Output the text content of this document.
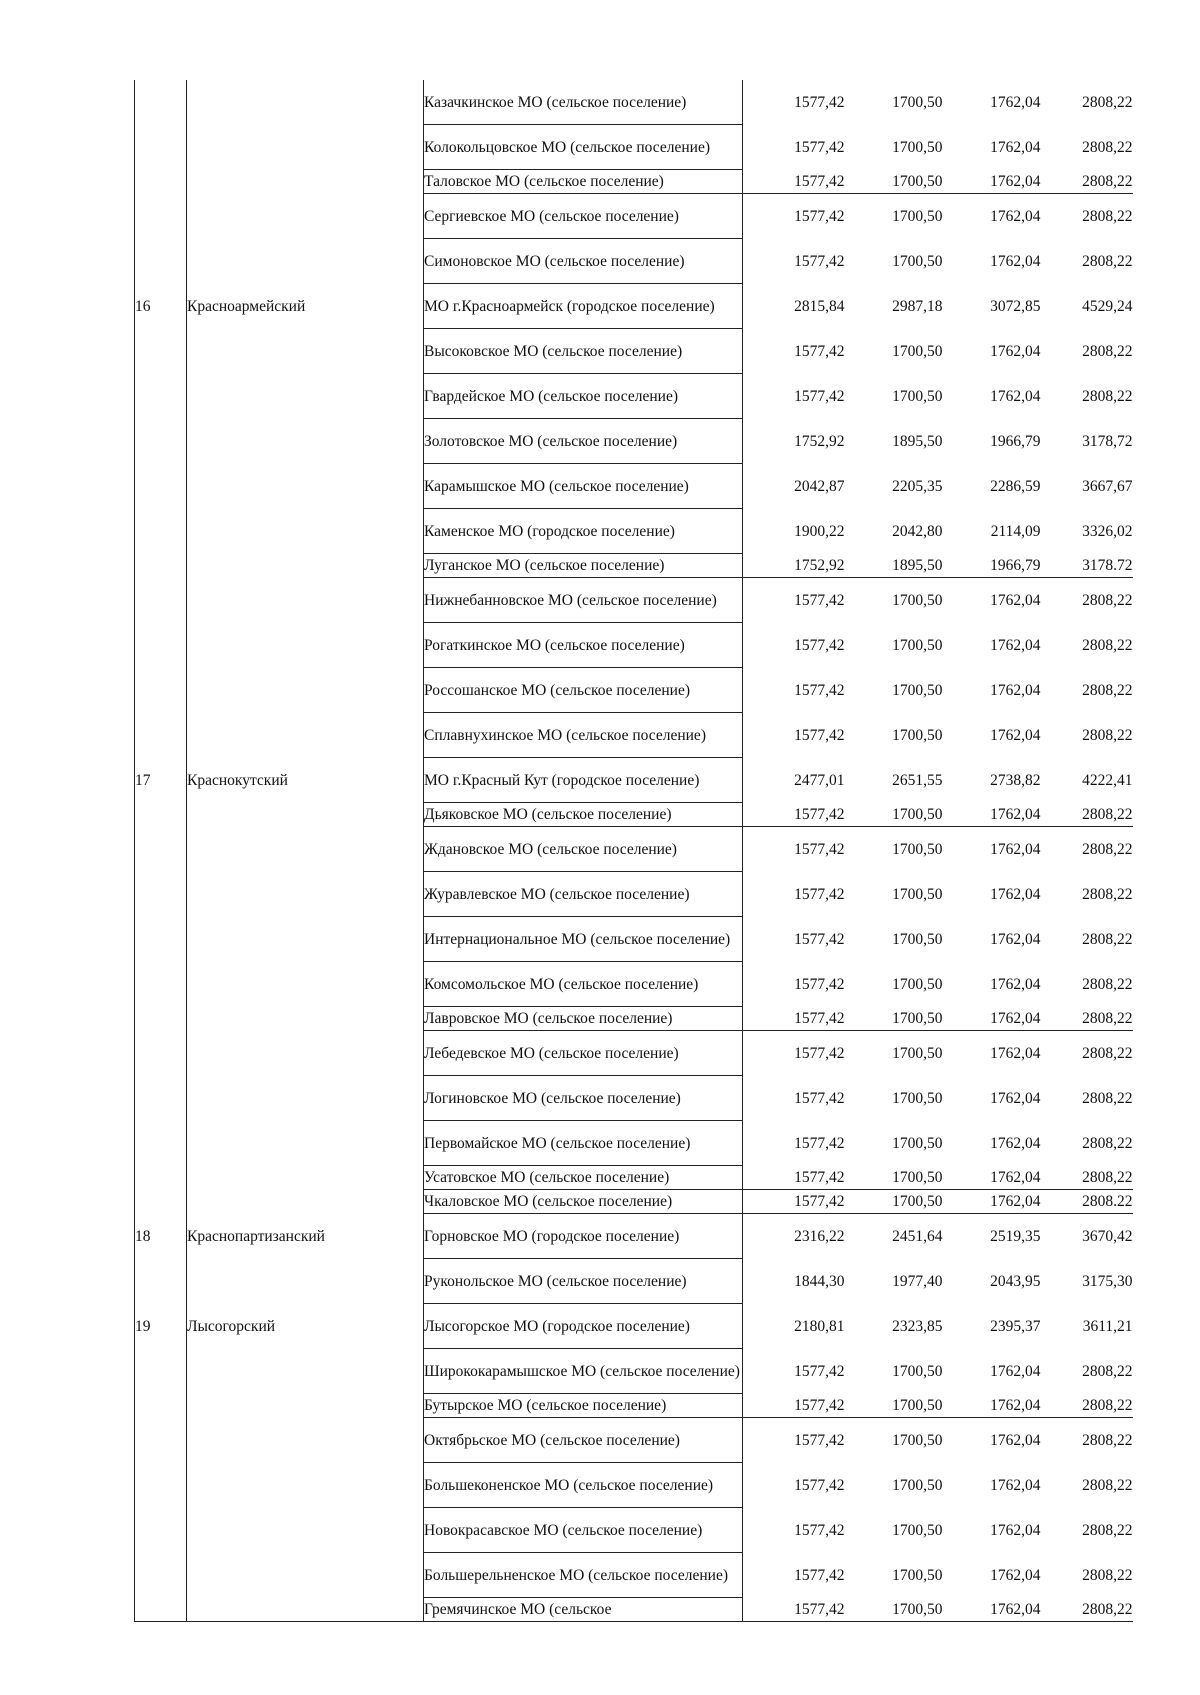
		Казачкинское МО (сельское поселение)	1577,42	1700,50	1762,04	2808,22
		Колокольцовское МО (сельское поселение)	1577,42	1700,50	1762,04	2808,22
		Таловское МО (сельское поселение)	1577,42	1700,50	1762,04	2808,22
		Сергиевское МО (сельское поселение)	1577,42	1700,50	1762,04	2808,22
		Симоновское МО (сельское поселение)	1577,42	1700,50	1762,04	2808,22
16	Красноармейский	МО г.Красноармейск (городское поселение)	2815,84	2987,18	3072,85	4529,24
		Высоковское МО (сельское поселение)	1577,42	1700,50	1762,04	2808,22
		Гвардейское МО (сельское поселение)	1577,42	1700,50	1762,04	2808,22
		Золотовское МО (сельское поселение)	1752,92	1895,50	1966,79	3178,72
		Карамышское МО (сельское поселение)	2042,87	2205,35	2286,59	3667,67
		Каменское МО (городское поселение)	1900,22	2042,80	2114,09	3326,02
		Луганское МО (сельское поселение)	1752,92	1895,50	1966,79	3178.72
		Нижнебанновское МО (сельское поселение)	1577,42	1700,50	1762,04	2808,22
		Рогаткинское МО (сельское поселение)	1577,42	1700,50	1762,04	2808,22
		Россошанское МО (сельское поселение)	1577,42	1700,50	1762,04	2808,22
		Сплавнухинское МО (сельское поселение)	1577,42	1700,50	1762,04	2808,22
17	Краснокутский	МО г.Красный Кут (городское поселение)	2477,01	2651,55	2738,82	4222,41
		Дьяковское МО (сельское поселение)	1577,42	1700,50	1762,04	2808,22
		Ждановское МО (сельское поселение)	1577,42	1700,50	1762,04	2808,22
		Журавлевское МО (сельское поселение)	1577,42	1700,50	1762,04	2808,22
		Интернациональное МО (сельское поселение)	1577,42	1700,50	1762,04	2808,22
		Комсомольское МО (сельское поселение)	1577,42	1700,50	1762,04	2808,22
		Лавровское МО (сельское поселение)	1577,42	1700,50	1762,04	2808,22
		Лебедевское МО (сельское поселение)	1577,42	1700,50	1762,04	2808,22
		Логиновское МО (сельское поселение)	1577,42	1700,50	1762,04	2808,22
		Первомайское МО (сельское поселение)	1577,42	1700,50	1762,04	2808,22
		Усатовское МО (сельское поселение)	1577,42	1700,50	1762,04	2808,22
		Чкаловское МО (сельское поселение)	1577,42	1700,50	1762,04	2808.22
18	Краснопартизанский	Горновское МО (городское поселение)	2316,22	2451,64	2519,35	3670,42
		Руконольское МО (сельское поселение)	1844,30	1977,40	2043,95	3175,30
19	Лысогорский	Лысогорское МО (городское поселение)	2180,81	2323,85	2395,37	3611,21
		Ширококарамышское МО (сельское поселение)	1577,42	1700,50	1762,04	2808,22
		Бутырское МО (сельское поселение)	1577,42	1700,50	1762,04	2808,22
		Октябрьское МО (сельское поселение)	1577,42	1700,50	1762,04	2808,22
		Большеконенское МО (сельское поселение)	1577,42	1700,50	1762,04	2808,22
		Новокрасавское МО (сельское поселение)	1577,42	1700,50	1762,04	2808,22
		Большерельненское МО (сельское поселение)	1577,42	1700,50	1762,04	2808,22
		Гремячинское МО (сельское	1577,42	1700,50	1762,04	2808,22
